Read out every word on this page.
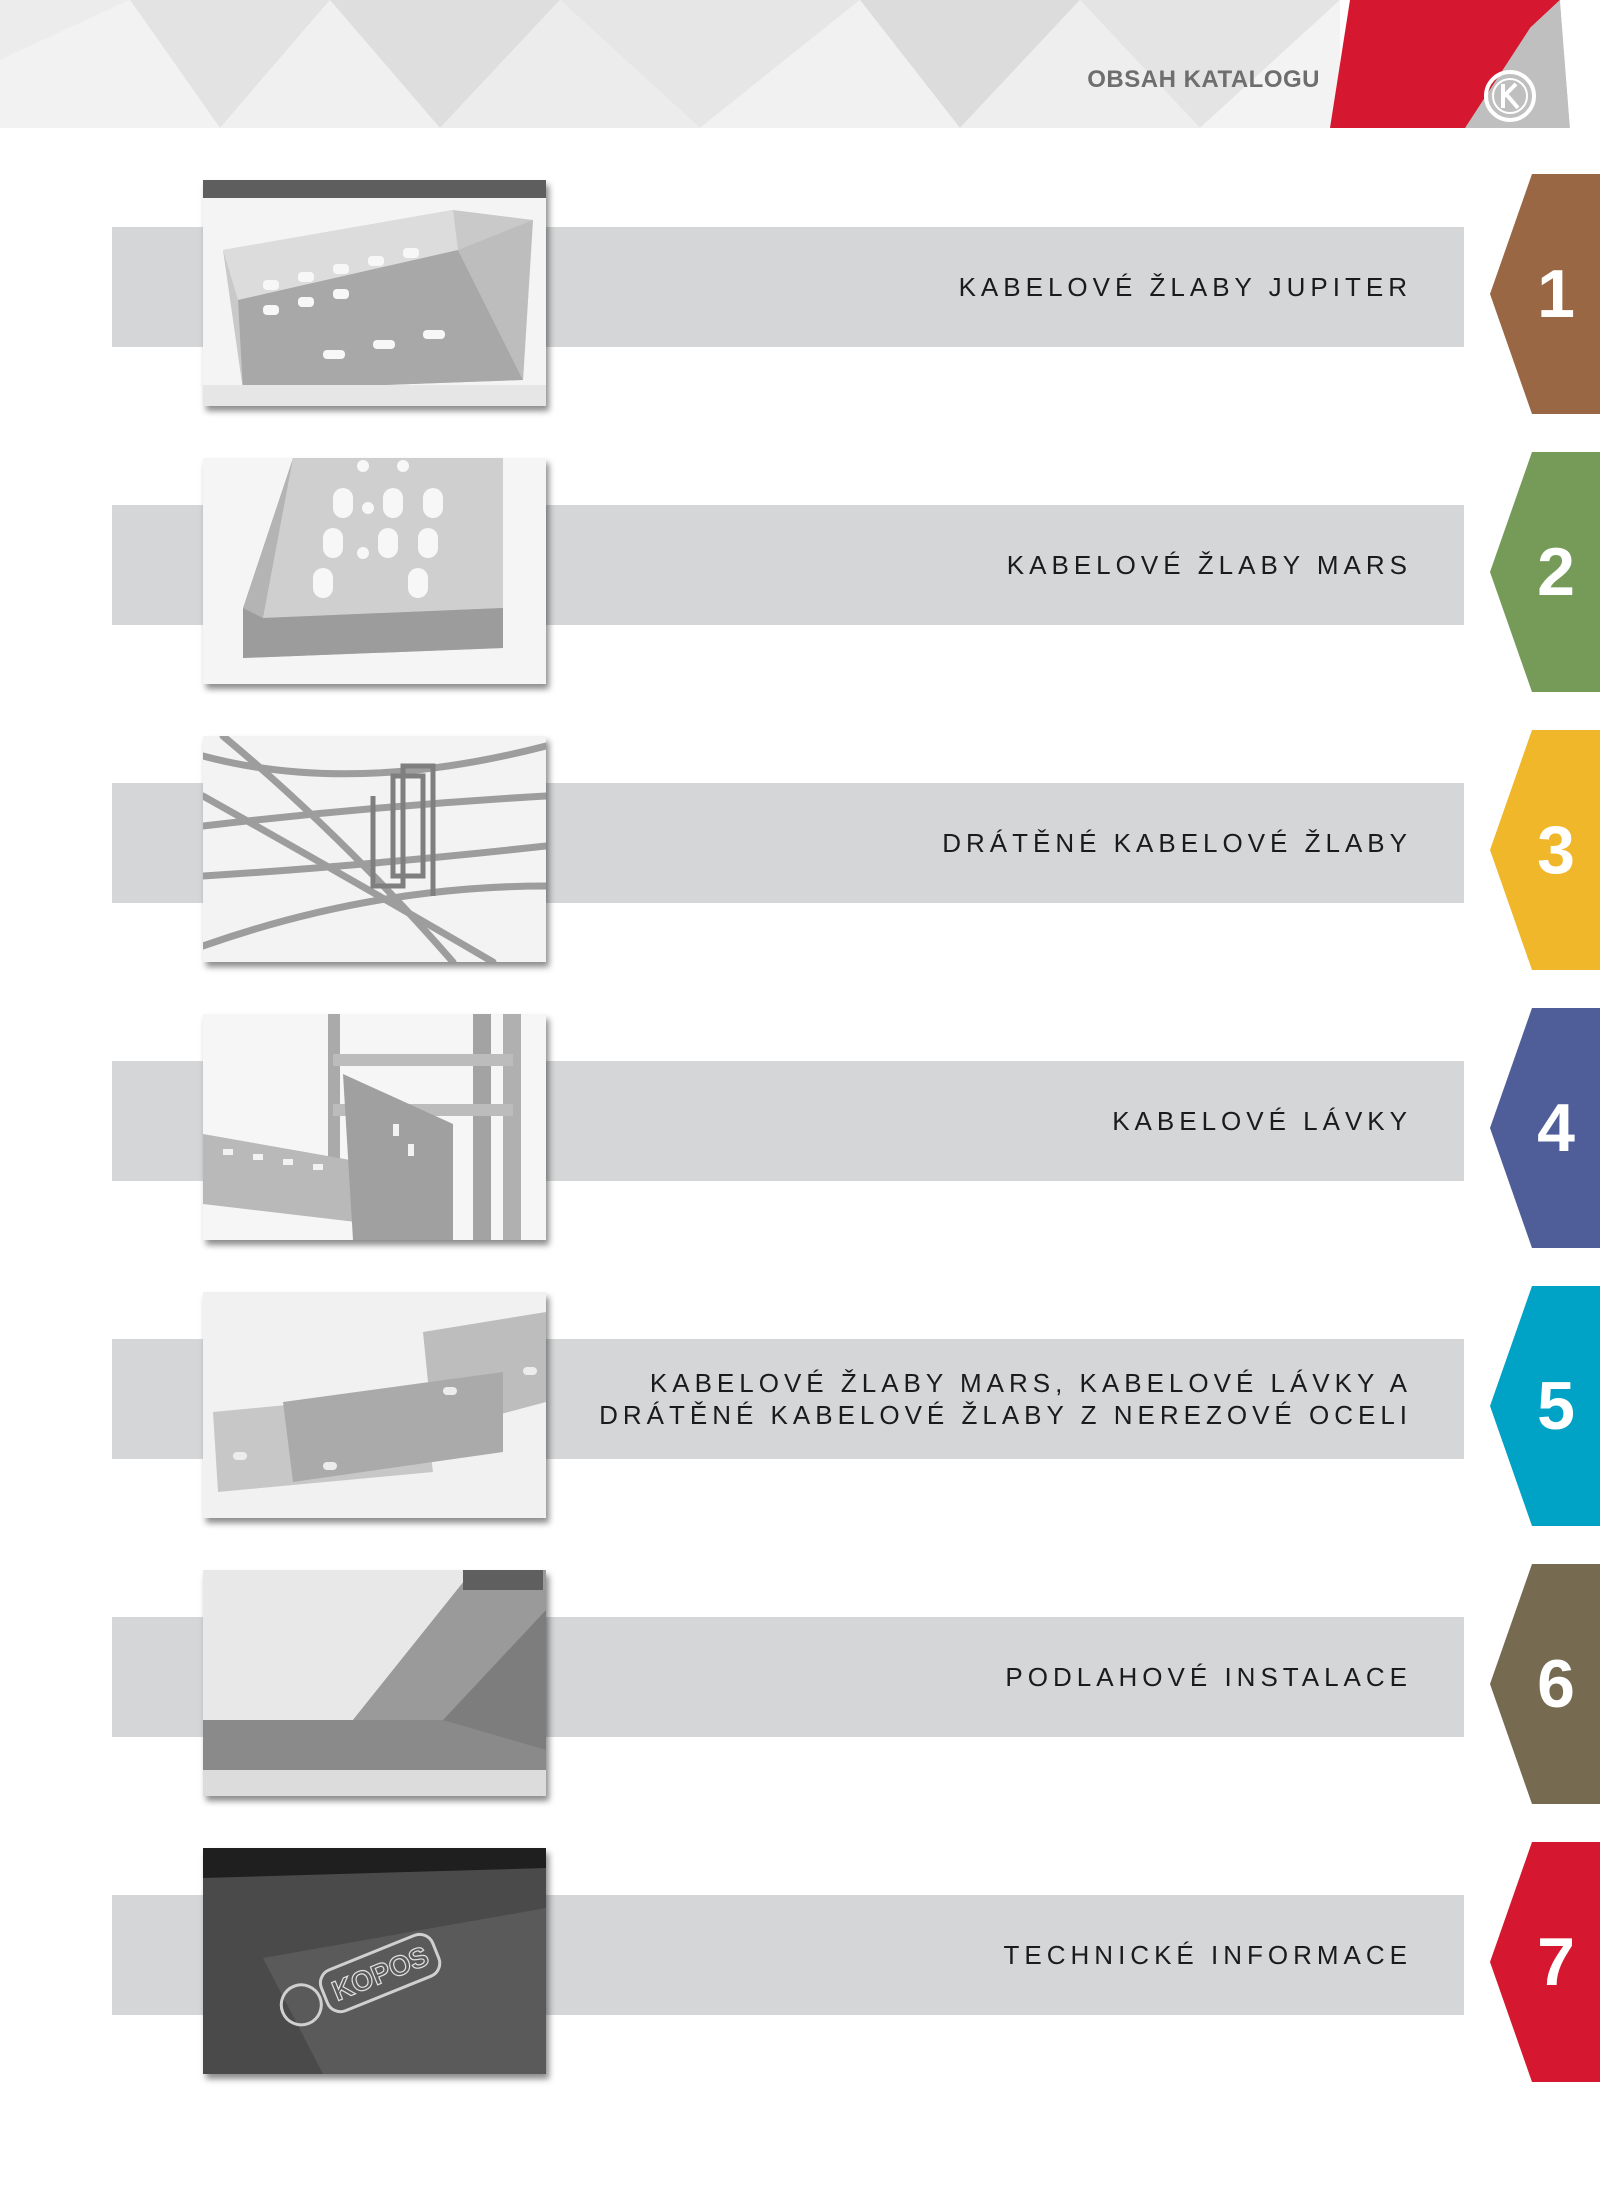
OBSAH KATALOGU
KABELOVÉ ŽLABY JUPITER	1
KABELOVÉ ŽLABY MARS	2
DRÁTĚNÉ KABELOVÉ ŽLABY	3
KABELOVÉ LÁVKY	4
KABELOVÉ ŽLABY MARS, KABELOVÉ LÁVKY A
DRÁTĚNÉ KABELOVÉ ŽLABY Z NEREZOVÉ OCELI	5
PODLAHOVÉ INSTALACE	6
KOPOS	TECHNICKÉ INFORMACE	7
